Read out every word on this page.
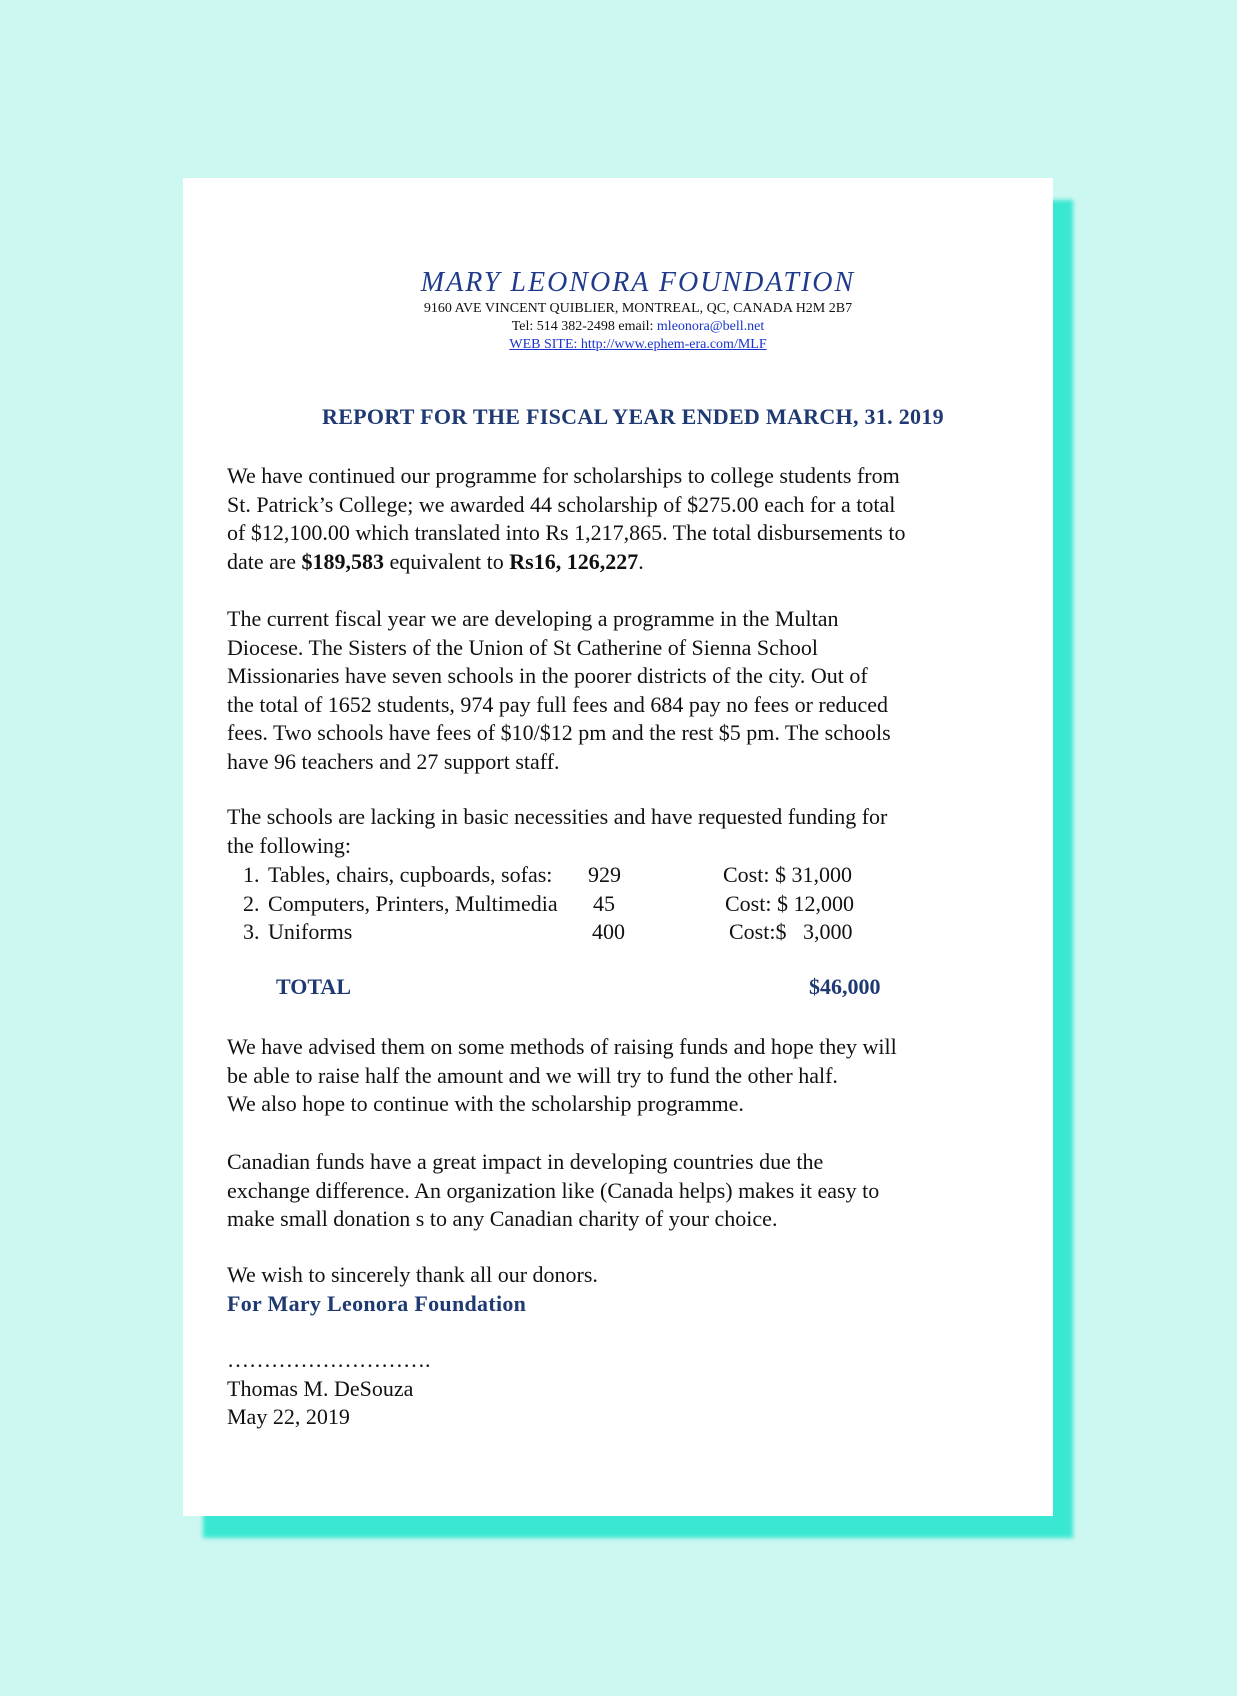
MARY LEONORA FOUNDATION
9160 AVE VINCENT QUIBLIER, MONTREAL, QC, CANADA H2M 2B7
Tel: 514 382-2498 email: mleonora@bell.net
WEB SITE: http://www.ephem-era.com/MLF
REPORT FOR THE FISCAL YEAR ENDED MARCH, 31. 2019
We have continued our programme for scholarships to college students from
St. Patrick’s College; we awarded 44 scholarship of $275.00 each for a total
of $12,100.00 which translated into Rs 1,217,865. The total disbursements to
date are $189,583 equivalent to Rs16, 126,227.
The current fiscal year we are developing a programme in the Multan
Diocese. The Sisters of the Union of St Catherine of Sienna School
Missionaries have seven schools in the poorer districts of the city. Out of
the total of 1652 students, 974 pay full fees and 684 pay no fees or reduced
fees. Two schools have fees of $10/$12 pm and the rest $5 pm. The schools
have 96 teachers and 27 support staff.
The schools are lacking in basic necessities and have requested funding for
the following:
1. Tables, chairs, cupboards, sofas: 929	Cost: $ 31,000
2. Computers, Printers, Multimedia 45	Cost: $ 12,000
3. Uniforms	400	Cost:$   3,000
TOTAL	$46,000
We have advised them on some methods of raising funds and hope they will
be able to raise half the amount and we will try to fund the other half.
We also hope to continue with the scholarship programme.
Canadian funds have a great impact in developing countries due the
exchange difference. An organization like (Canada helps) makes it easy to
make small donation s to any Canadian charity of your choice.
We wish to sincerely thank all our donors.
For Mary Leonora Foundation
……………………….
Thomas M. DeSouza
May 22, 2019
